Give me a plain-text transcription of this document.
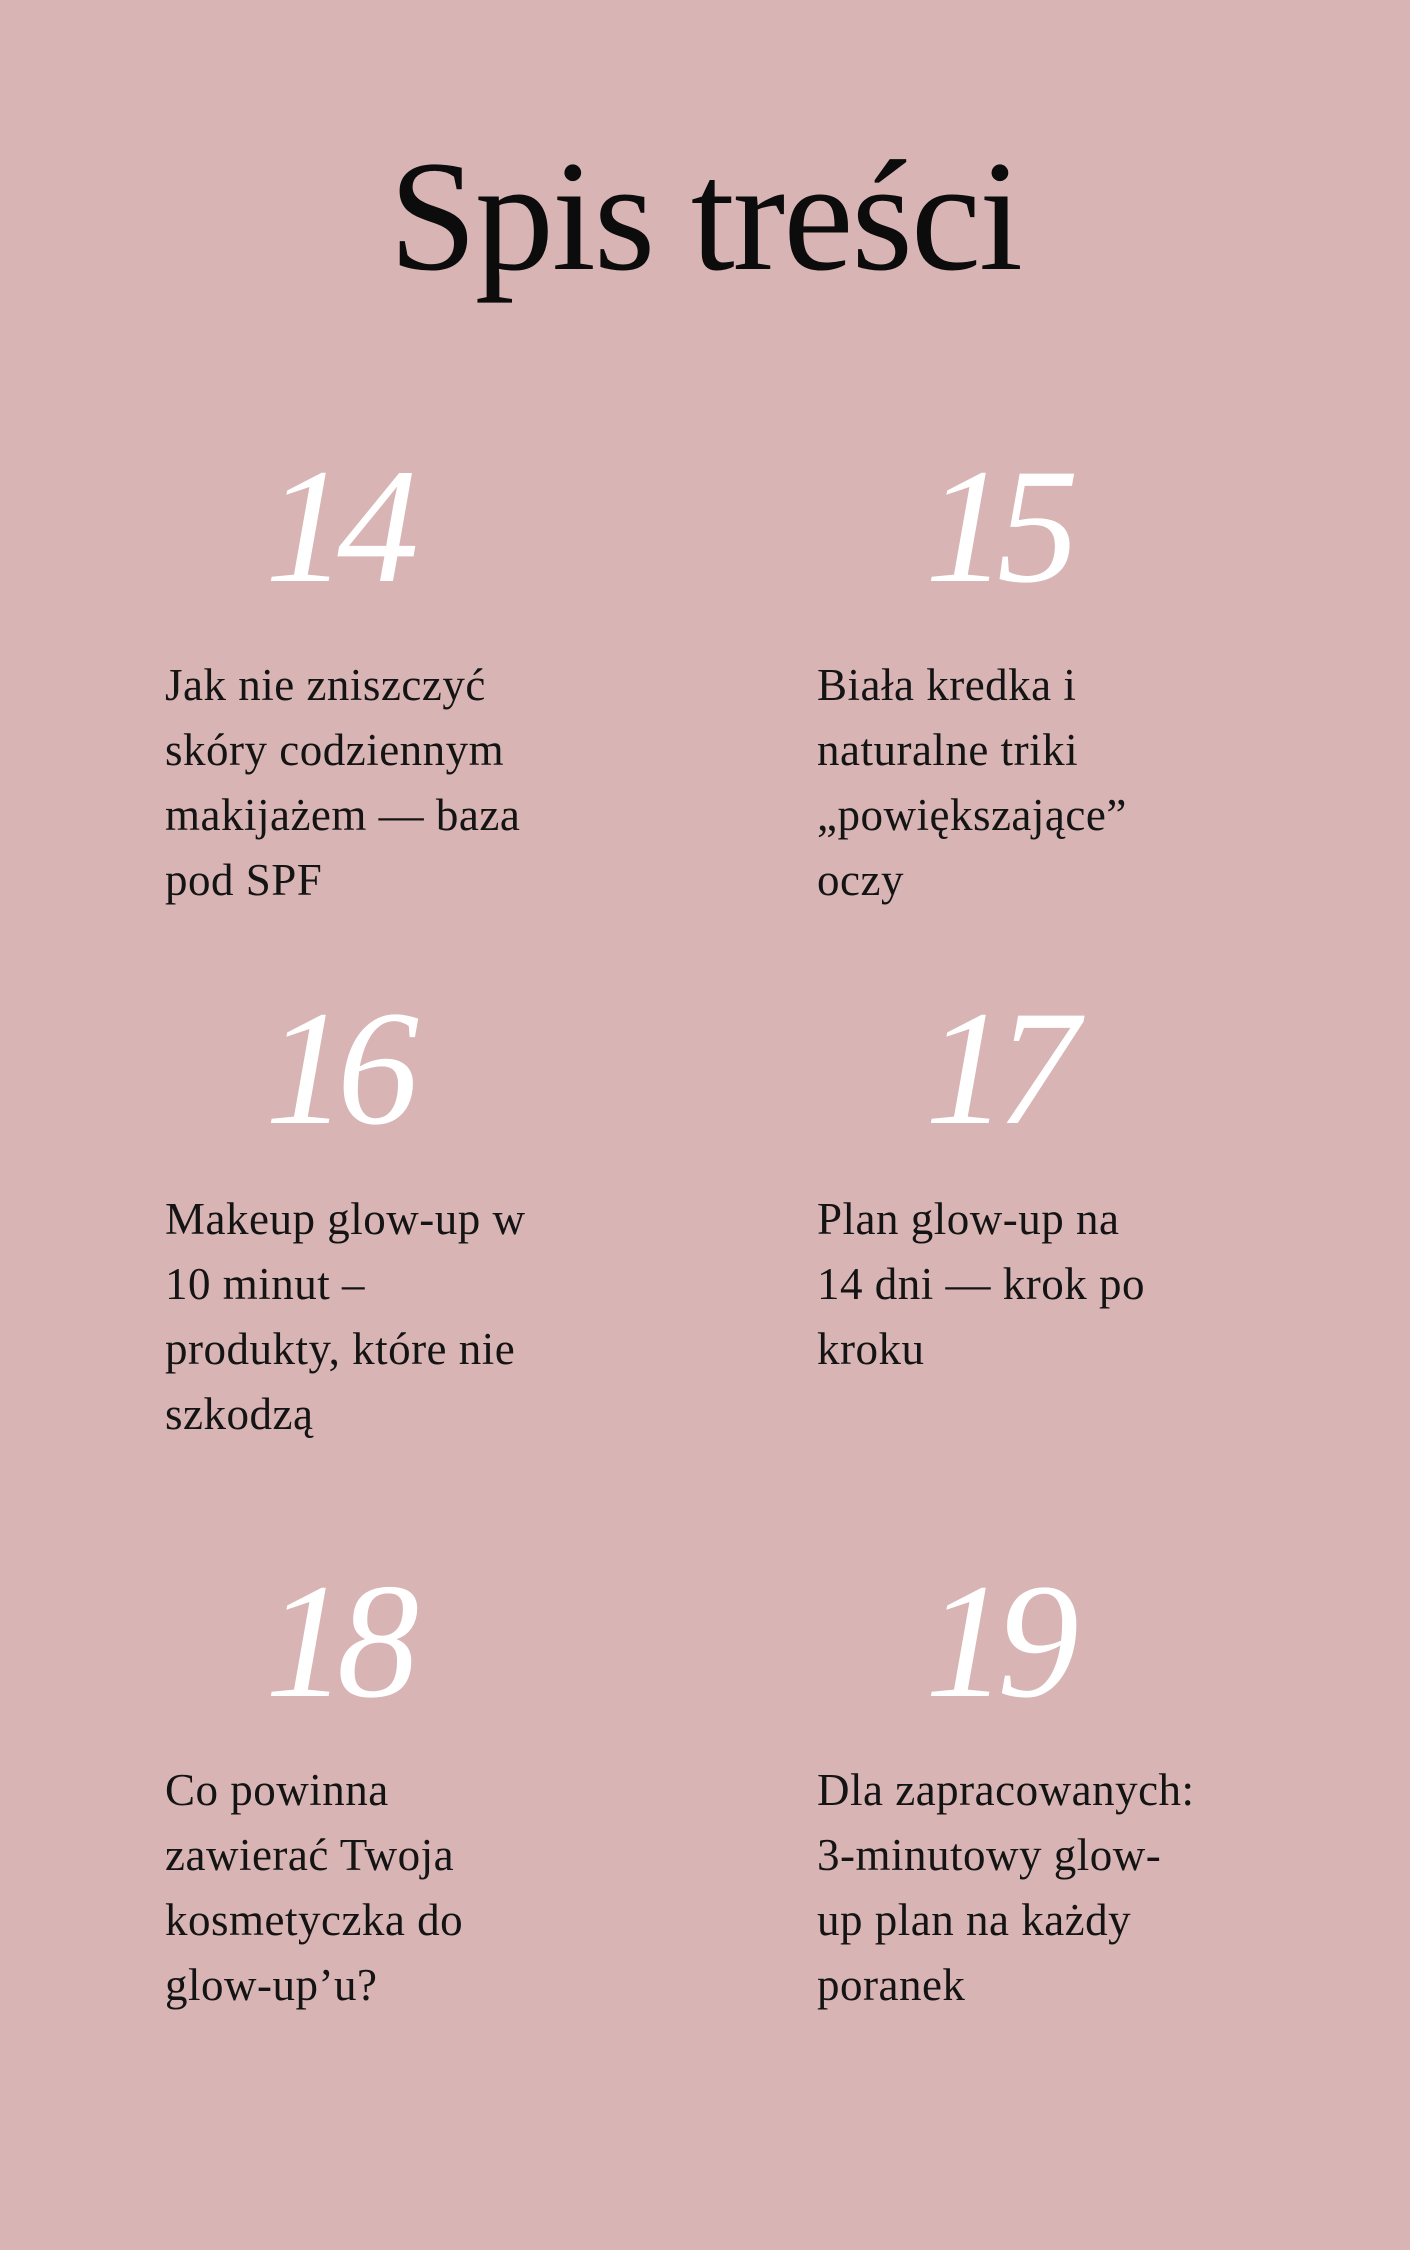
Spis treści
14

Jak nie zniszczyć
skóry codziennym
makijażem — baza
pod SPF

15

Biała kredka i
naturalne triki
„powiększające”
oczy

16

Makeup glow-up w
10 minut –
produkty, które nie
szkodzą

17

Plan glow-up na
14 dni — krok po
kroku

18

Co powinna
zawierać Twoja
kosmetyczka do
glow-up’u?

19

Dla zapracowanych:
3-minutowy glow-
up plan na każdy
poranek
